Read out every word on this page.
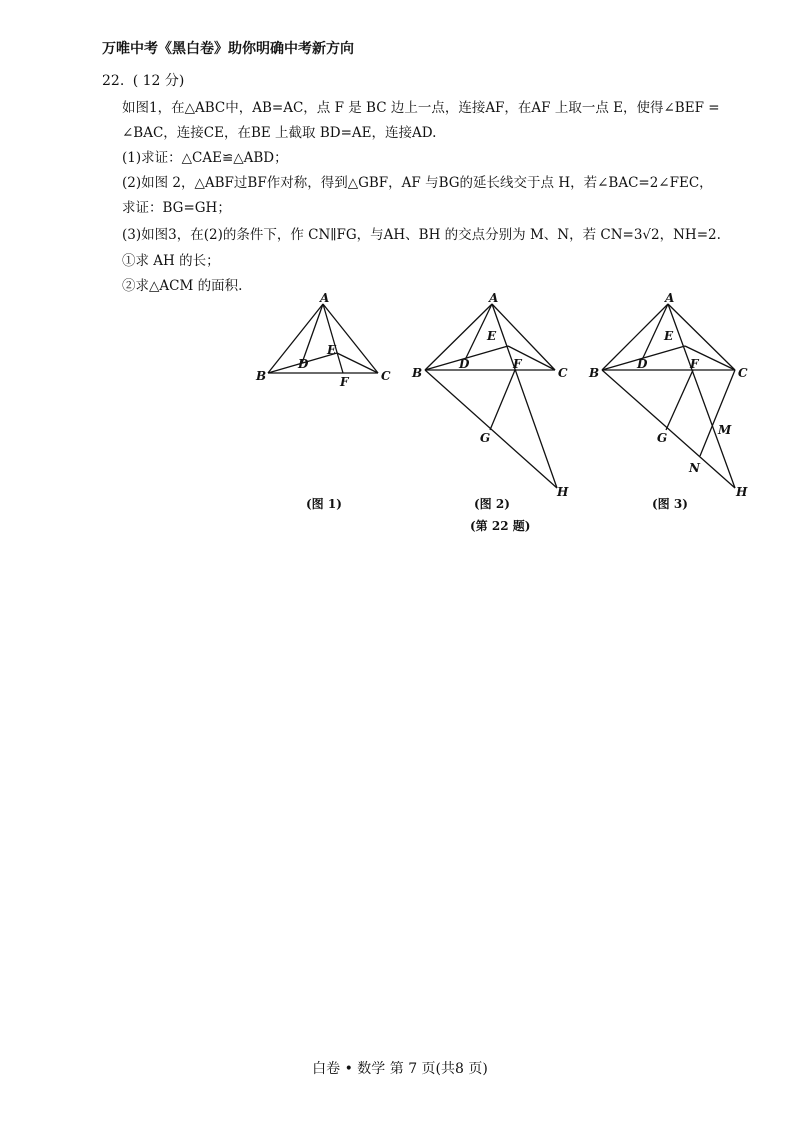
万唯中考《黑白卷》助你明确中考新方向
22. ( 12 分)
如图1，在△ABC中，AB=AC，点 F 是 BC 边上一点，连接AF，在AF 上取一点 E，使得∠BEF =
∠BAC，连接CE，在BE 上截取 BD=AE，连接AD.
(1)求证：△CAE≌△ABD；
(2)如图 2，△ABF过BF作对称，得到△GBF，AF 与BG的延长线交于点 H，若∠BAC=2∠FEC，
求证：BG=GH；
(3)如图3，在(2)的条件下，作 CN∥FG，与AH、BH 的交点分别为 M、N，若 CN=3√2，NH=2.
①求 AH 的长；
②求△ACM 的面积.
A
B	C
D
E
F
(图 1)
A
B	C
D
E
F
G
H
(图 2)
A
B	C
D
E
F
G
M
N
H
(图 3)
(第 22 题)
白卷 • 数学 第 7 页(共8 页)
